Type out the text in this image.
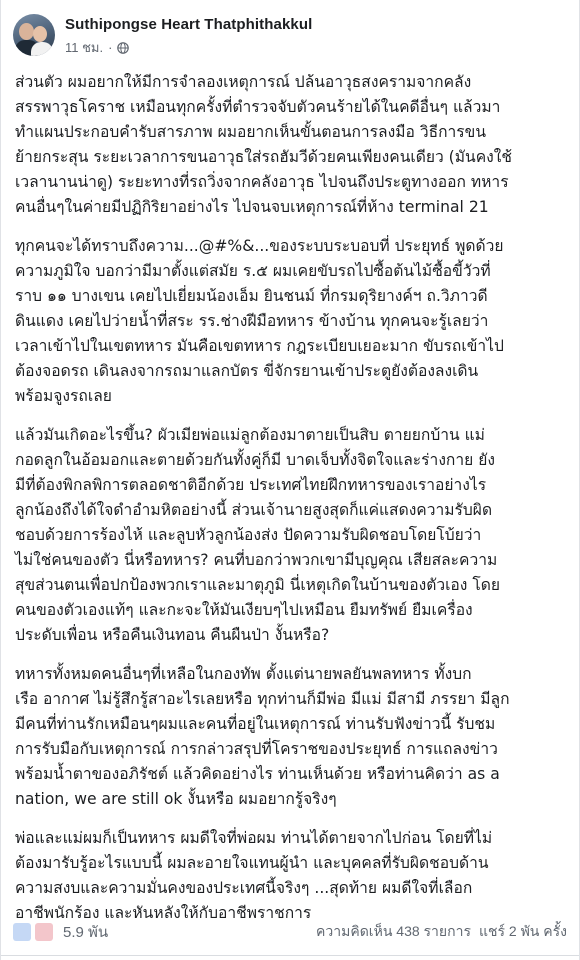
Suthipongse Heart Thatphithakkul
11 ชม. ·
ส่วนตัว ผมอยากให้มีการจำลองเหตุการณ์ ปล้นอาวุธสงครามจากคลัง
สรรพาวุธโคราช เหมือนทุกครั้งที่ตำรวจจับตัวคนร้ายได้ในคดีอื่นๆ แล้วมา
ทำแผนประกอบคำรับสารภาพ ผมอยากเห็นขั้นตอนการลงมือ วิธีการขน
ย้ายกระสุน ระยะเวลาการขนอาวุธใส่รถฮัมวีด้วยคนเพียงคนเดียว (มันคงใช้
เวลานานน่าดู) ระยะทางที่รถวิ่งจากคลังอาวุธ ไปจนถึงประตูทางออก ทหาร
คนอื่นๆในค่ายมีปฏิกิริยาอย่างไร ไปจนจบเหตุการณ์ที่ห้าง terminal 21
ทุกคนจะได้ทราบถึงความ...@#%&...ของระบบระบอบที่ ประยุทธ์ พูดด้วย
ความภูมิใจ บอกว่ามีมาตั้งแต่สมัย ร.๕ ผมเคยขับรถไปซื้อต้นไม้ซื้อขี้วัวที่
ราบ ๑๑ บางเขน เคยไปเยี่ยมน้องเอ็ม ยินชนม์ ที่กรมดุริยางค์ฯ ถ.วิภาวดี
ดินแดง เคยไปว่ายน้ำที่สระ รร.ช่างฝีมือทหาร ข้างบ้าน ทุกคนจะรู้เลยว่า
เวลาเข้าไปในเขตทหาร มันคือเขตทหาร กฎระเบียบเยอะมาก ขับรถเข้าไป
ต้องจอดรถ เดินลงจากรถมาแลกบัตร ขี่จักรยานเข้าประตูยังต้องลงเดิน
พร้อมจูงรถเลย
แล้วมันเกิดอะไรขึ้น? ผัวเมียพ่อแม่ลูกต้องมาตายเป็นสิบ ตายยกบ้าน แม่
กอดลูกในอ้อมอกและตายด้วยกันทั้งคู่ก็มี บาดเจ็บทั้งจิตใจและร่างกาย ยัง
มีที่ต้องพิกลพิการตลอดชาติอีกด้วย ประเทศไทยฝึกทหารของเราอย่างไร
ลูกน้องถึงได้ใจดำอำมหิตอย่างนี้ ส่วนเจ้านายสูงสุดก็แค่แสดงความรับผิด
ชอบด้วยการร้องไห้ และลูบหัวลูกน้องส่ง ปัดความรับผิดชอบโดยโบ้ยว่า
ไม่ใช่คนของตัว นี่หรือทหาร? คนที่บอกว่าพวกเขามีบุญคุณ เสียสละความ
สุขส่วนตนเพื่อปกป้องพวกเราและมาตุภูมิ นี่เหตุเกิดในบ้านของตัวเอง โดย
คนของตัวเองแท้ๆ และกะจะให้มันเงียบๆไปเหมือน ยืมทรัพย์ ยืมเครื่อง
ประดับเพื่อน หรือคืนเงินทอน คืนผืนป่า งั้นหรือ?
ทหารทั้งหมดคนอื่นๆที่เหลือในกองทัพ ตั้งแต่นายพลยันพลทหาร ทั้งบก
เรือ อากาศ ไม่รู้สึกรู้สาอะไรเลยหรือ ทุกท่านก็มีพ่อ มีแม่ มีสามี ภรรยา มีลูก
มีคนที่ท่านรักเหมือนๆผมและคนที่อยู่ในเหตุการณ์ ท่านรับฟังข่าวนี้ รับชม
การรับมือกับเหตุการณ์ การกล่าวสรุปที่โคราชของประยุทธ์ การแถลงข่าว
พร้อมน้ำตาของอภิรัชต์ แล้วคิดอย่างไร ท่านเห็นด้วย หรือท่านคิดว่า as a
nation, we are still ok งั้นหรือ ผมอยากรู้จริงๆ
พ่อและแม่ผมก็เป็นทหาร ผมดีใจที่พ่อผม ท่านได้ตายจากไปก่อน โดยที่ไม่
ต้องมารับรู้อะไรแบบนี้ ผมละอายใจแทนผู้นำ และบุคคลที่รับผิดชอบด้าน
ความสงบและความมั่นคงของประเทศนี้จริงๆ ...สุดท้าย ผมดีใจที่เลือก
อาชีพนักร้อง และหันหลังให้กับอาชีพราชการ
5.9 พัน	ความคิดเห็น 438 รายการ แชร์ 2 พัน ครั้ง
